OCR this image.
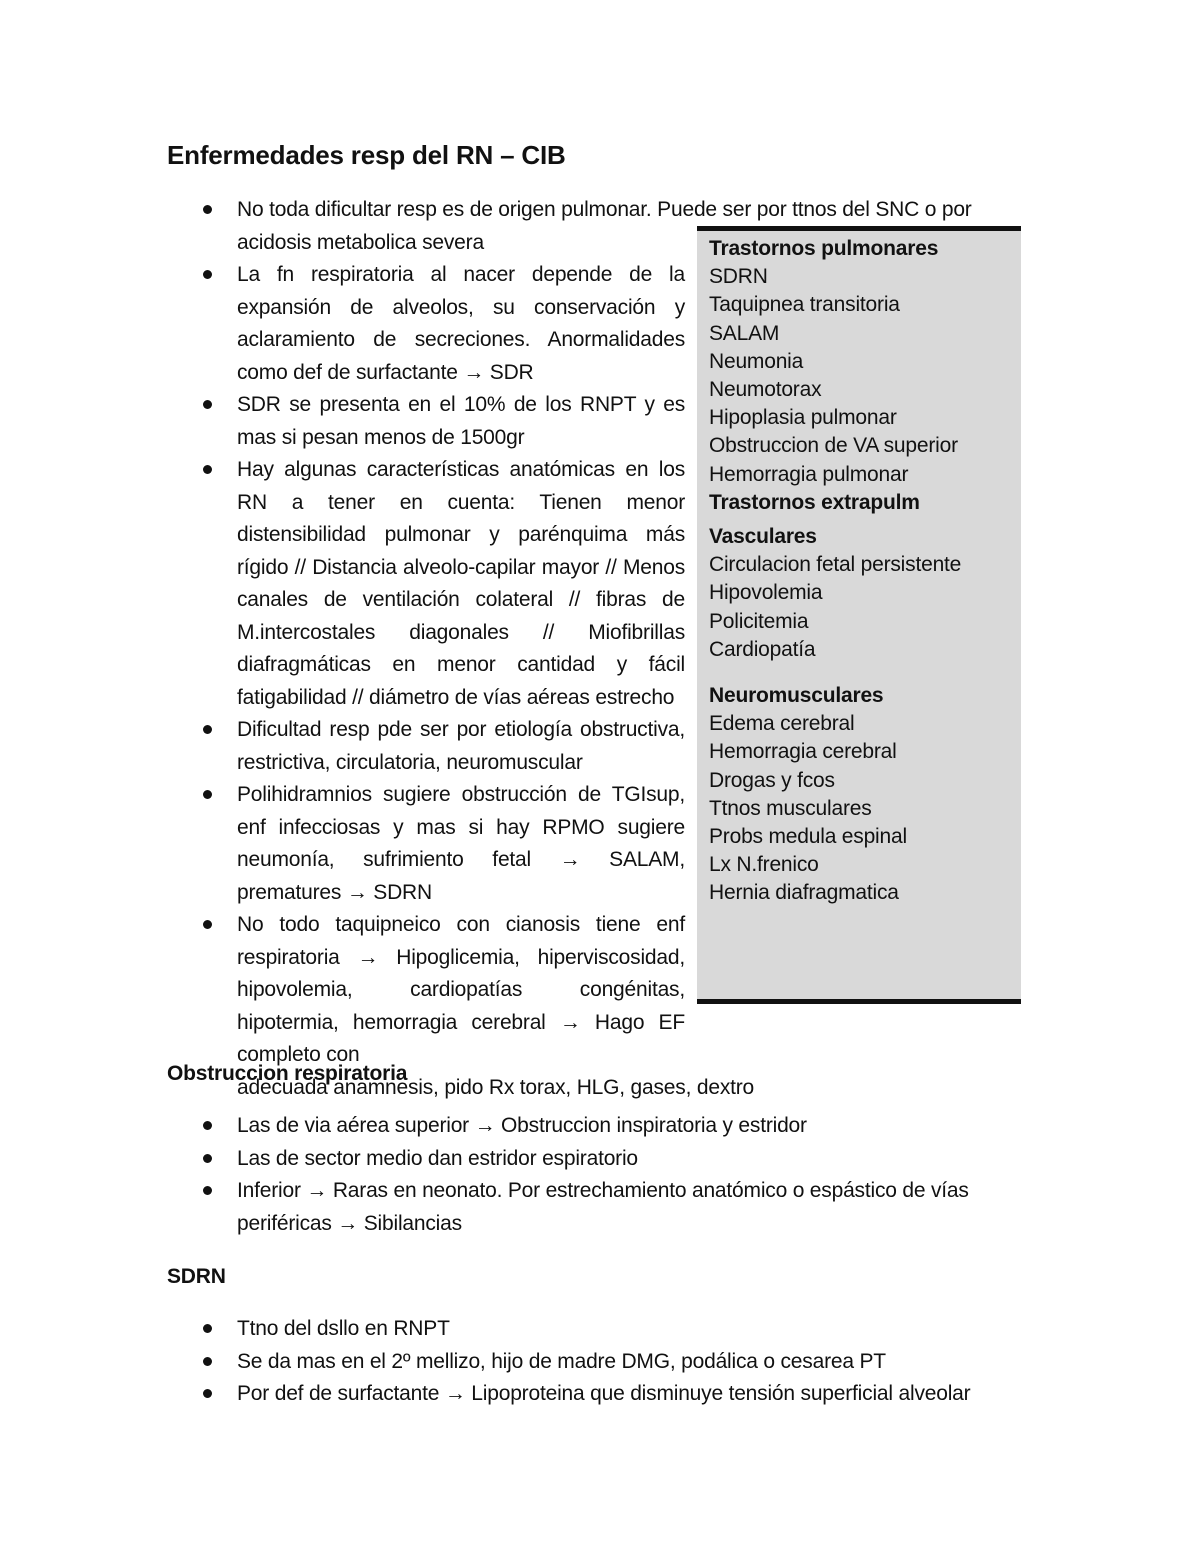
Enfermedades resp del RN – CIB
No toda dificultar resp es de origen pulmonar. Puede ser por ttnos del SNC o por acidosis metabolica severa
La fn respiratoria al nacer depende de la expansión de alveolos, su conservación y aclaramiento de secreciones. Anormalidades como def de surfactante → SDR
SDR se presenta en el 10% de los RNPT y es mas si pesan menos de 1500gr
Hay algunas características anatómicas en los RN a tener en cuenta: Tienen menor distensibilidad pulmonar y parénquima más rígido // Distancia alveolo-capilar mayor // Menos canales de ventilación colateral // fibras de M.intercostales diagonales // Miofibrillas diafragmáticas en menor cantidad y fácil fatigabilidad // diámetro de vías aéreas estrecho
Dificultad resp pde ser por etiología obstructiva, restrictiva, circulatoria, neuromuscular
Polihidramnios sugiere obstrucción de TGIsup, enf infecciosas y mas si hay RPMO sugiere neumonía, sufrimiento fetal → SALAM, prematures → SDRN
No todo taquipneico con cianosis tiene enf respiratoria → Hipoglicemia, hiperviscosidad, hipovolemia, cardiopatías congénitas, hipotermia, hemorragia cerebral → Hago EF completo con
adecuada anamnesis, pido Rx torax, HLG, gases, dextro
Trastornos pulmonares
SDRN
Taquipnea transitoria
SALAM
Neumonia
Neumotorax
Hipoplasia pulmonar
Obstruccion de VA superior
Hemorragia pulmonar
Trastornos extrapulm
Vasculares
Circulacion fetal persistente
Hipovolemia
Policitemia
Cardiopatía
Neuromusculares
Edema cerebral
Hemorragia cerebral
Drogas y fcos
Ttnos musculares
Probs medula espinal
Lx N.frenico
Hernia diafragmatica
Obstruccion respiratoria
Las de via aérea superior → Obstruccion inspiratoria y estridor
Las de sector medio dan estridor espiratorio
Inferior → Raras en neonato. Por estrechamiento anatómico o espástico de vías periféricas → Sibilancias
SDRN
Ttno del dsllo en RNPT
Se da mas en el 2º mellizo, hijo de madre DMG, podálica o cesarea PT
Por def de surfactante → Lipoproteina que disminuye tensión superficial alveolar
